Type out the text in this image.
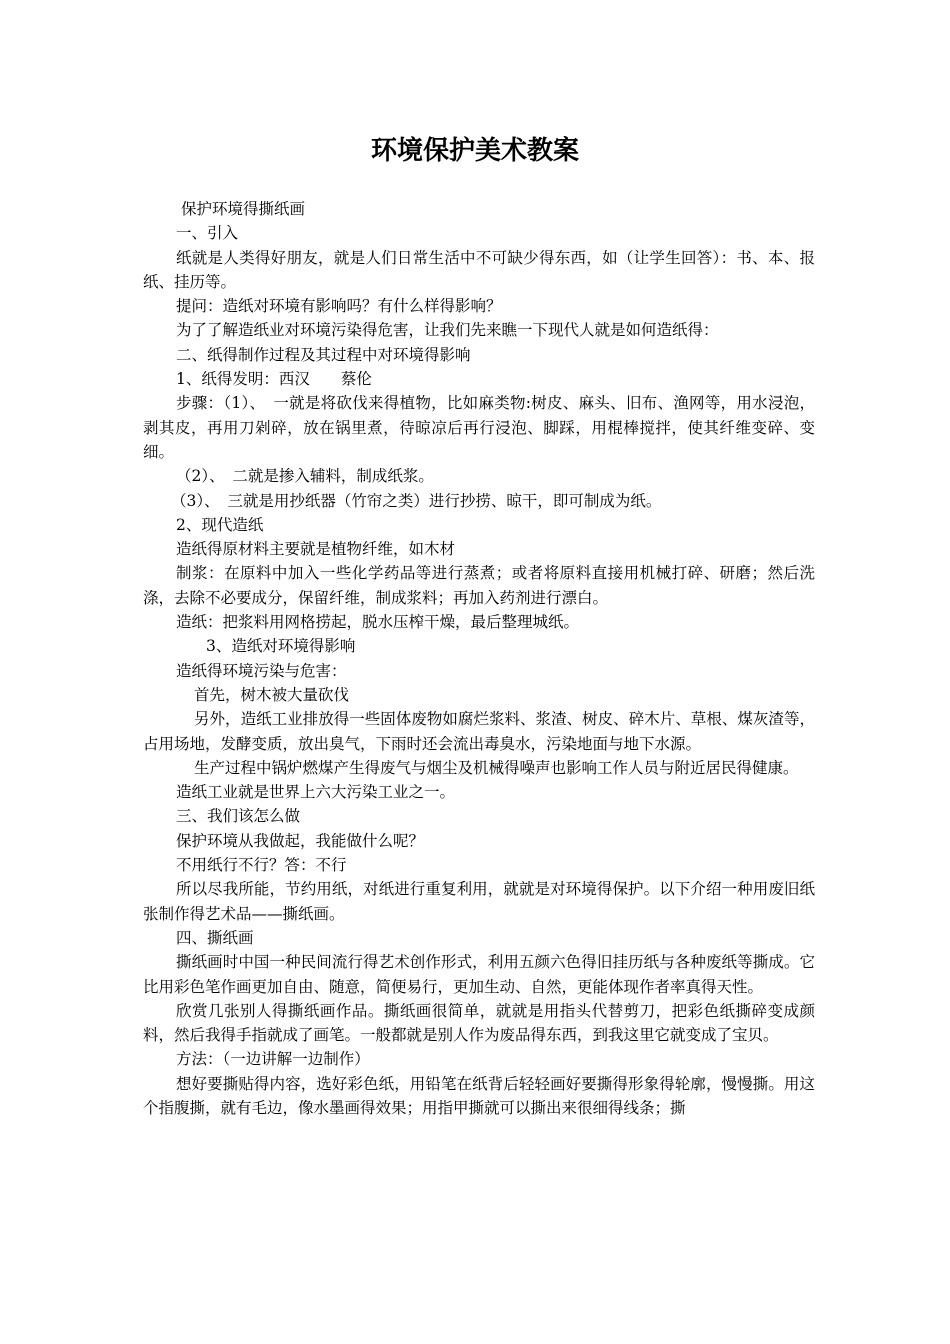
环境保护美术教案

保护环境得撕纸画

一、引入

纸就是人类得好朋友，就是人们日常生活中不可缺少得东西，如（让学生回答）：书、本、报纸、挂历等。

提问：造纸对环境有影响吗？有什么样得影响？

为了了解造纸业对环境污染得危害，让我们先来瞧一下现代人就是如何造纸得：

二、纸得制作过程及其过程中对环境得影响

1、纸得发明：西汉　　蔡伦

步骤：（1）、　一就是将砍伐来得植物，比如麻类物:树皮、麻头、旧布、渔网等，用水浸泡，剥其皮，再用刀剁碎，放在锅里煮，待晾凉后再行浸泡、脚踩，用棍棒搅拌，使其纤维变碎、变细。

（2）、　二就是掺入辅料，制成纸浆。

（3）、　三就是用抄纸器（竹帘之类）进行抄捞、晾干，即可制成为纸。

2、现代造纸

造纸得原材料主要就是植物纤维，如木材

制浆：在原料中加入一些化学药品等进行蒸煮；或者将原料直接用机械打碎、研磨；然后洗涤，去除不必要成分，保留纤维，制成浆料；再加入药剂进行漂白。

造纸：把浆料用网格捞起，脱水压榨干燥，最后整理城纸。

3、造纸对环境得影响

造纸得环境污染与危害：

首先，树木被大量砍伐

另外，造纸工业排放得一些固体废物如腐烂浆料、浆渣、树皮、碎木片、草根、煤灰渣等，占用场地，发酵变质，放出臭气，下雨时还会流出毒臭水，污染地面与地下水源。

生产过程中锅炉燃煤产生得废气与烟尘及机械得噪声也影响工作人员与附近居民得健康。

造纸工业就是世界上六大污染工业之一。

三、我们该怎么做

保护环境从我做起，我能做什么呢？

不用纸行不行？答：不行

所以尽我所能，节约用纸，对纸进行重复利用，就就是对环境得保护。以下介绍一种用废旧纸张制作得艺术品——撕纸画。

四、撕纸画

撕纸画时中国一种民间流行得艺术创作形式，利用五颜六色得旧挂历纸与各种废纸等撕成。它比用彩色笔作画更加自由、随意，简便易行，更加生动、自然，更能体现作者率真得天性。

欣赏几张别人得撕纸画作品。撕纸画很简单，就就是用指头代替剪刀，把彩色纸撕碎变成颜料，然后我得手指就成了画笔。一般都就是别人作为废品得东西，到我这里它就变成了宝贝。

方法：（一边讲解一边制作）

想好要撕贴得内容，选好彩色纸，用铅笔在纸背后轻轻画好要撕得形象得轮廓，慢慢撕。用这个指腹撕，就有毛边，像水墨画得效果；用指甲撕就可以撕出来很细得线条；撕
